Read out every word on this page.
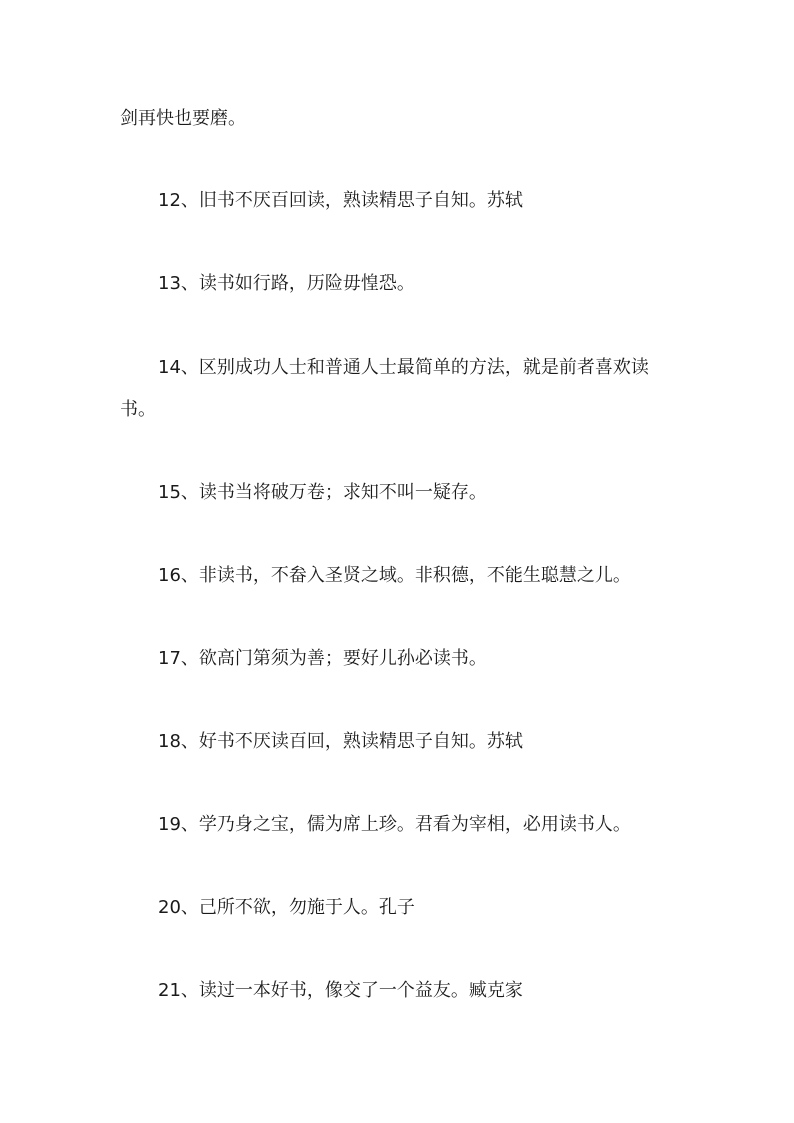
剑再快也要磨。
12、旧书不厌百回读，熟读精思子自知。苏轼
13、读书如行路，历险毋惶恐。
14、区别成功人士和普通人士最简单的方法，就是前者喜欢读
书。
15、读书当将破万卷；求知不叫一疑存。
16、非读书，不畚入圣贤之域。非积德，不能生聪慧之儿。
17、欲高门第须为善；要好儿孙必读书。
18、好书不厌读百回，熟读精思子自知。苏轼
19、学乃身之宝，儒为席上珍。君看为宰相，必用读书人。
20、己所不欲，勿施于人。孔子
21、读过一本好书，像交了一个益友。臧克家
